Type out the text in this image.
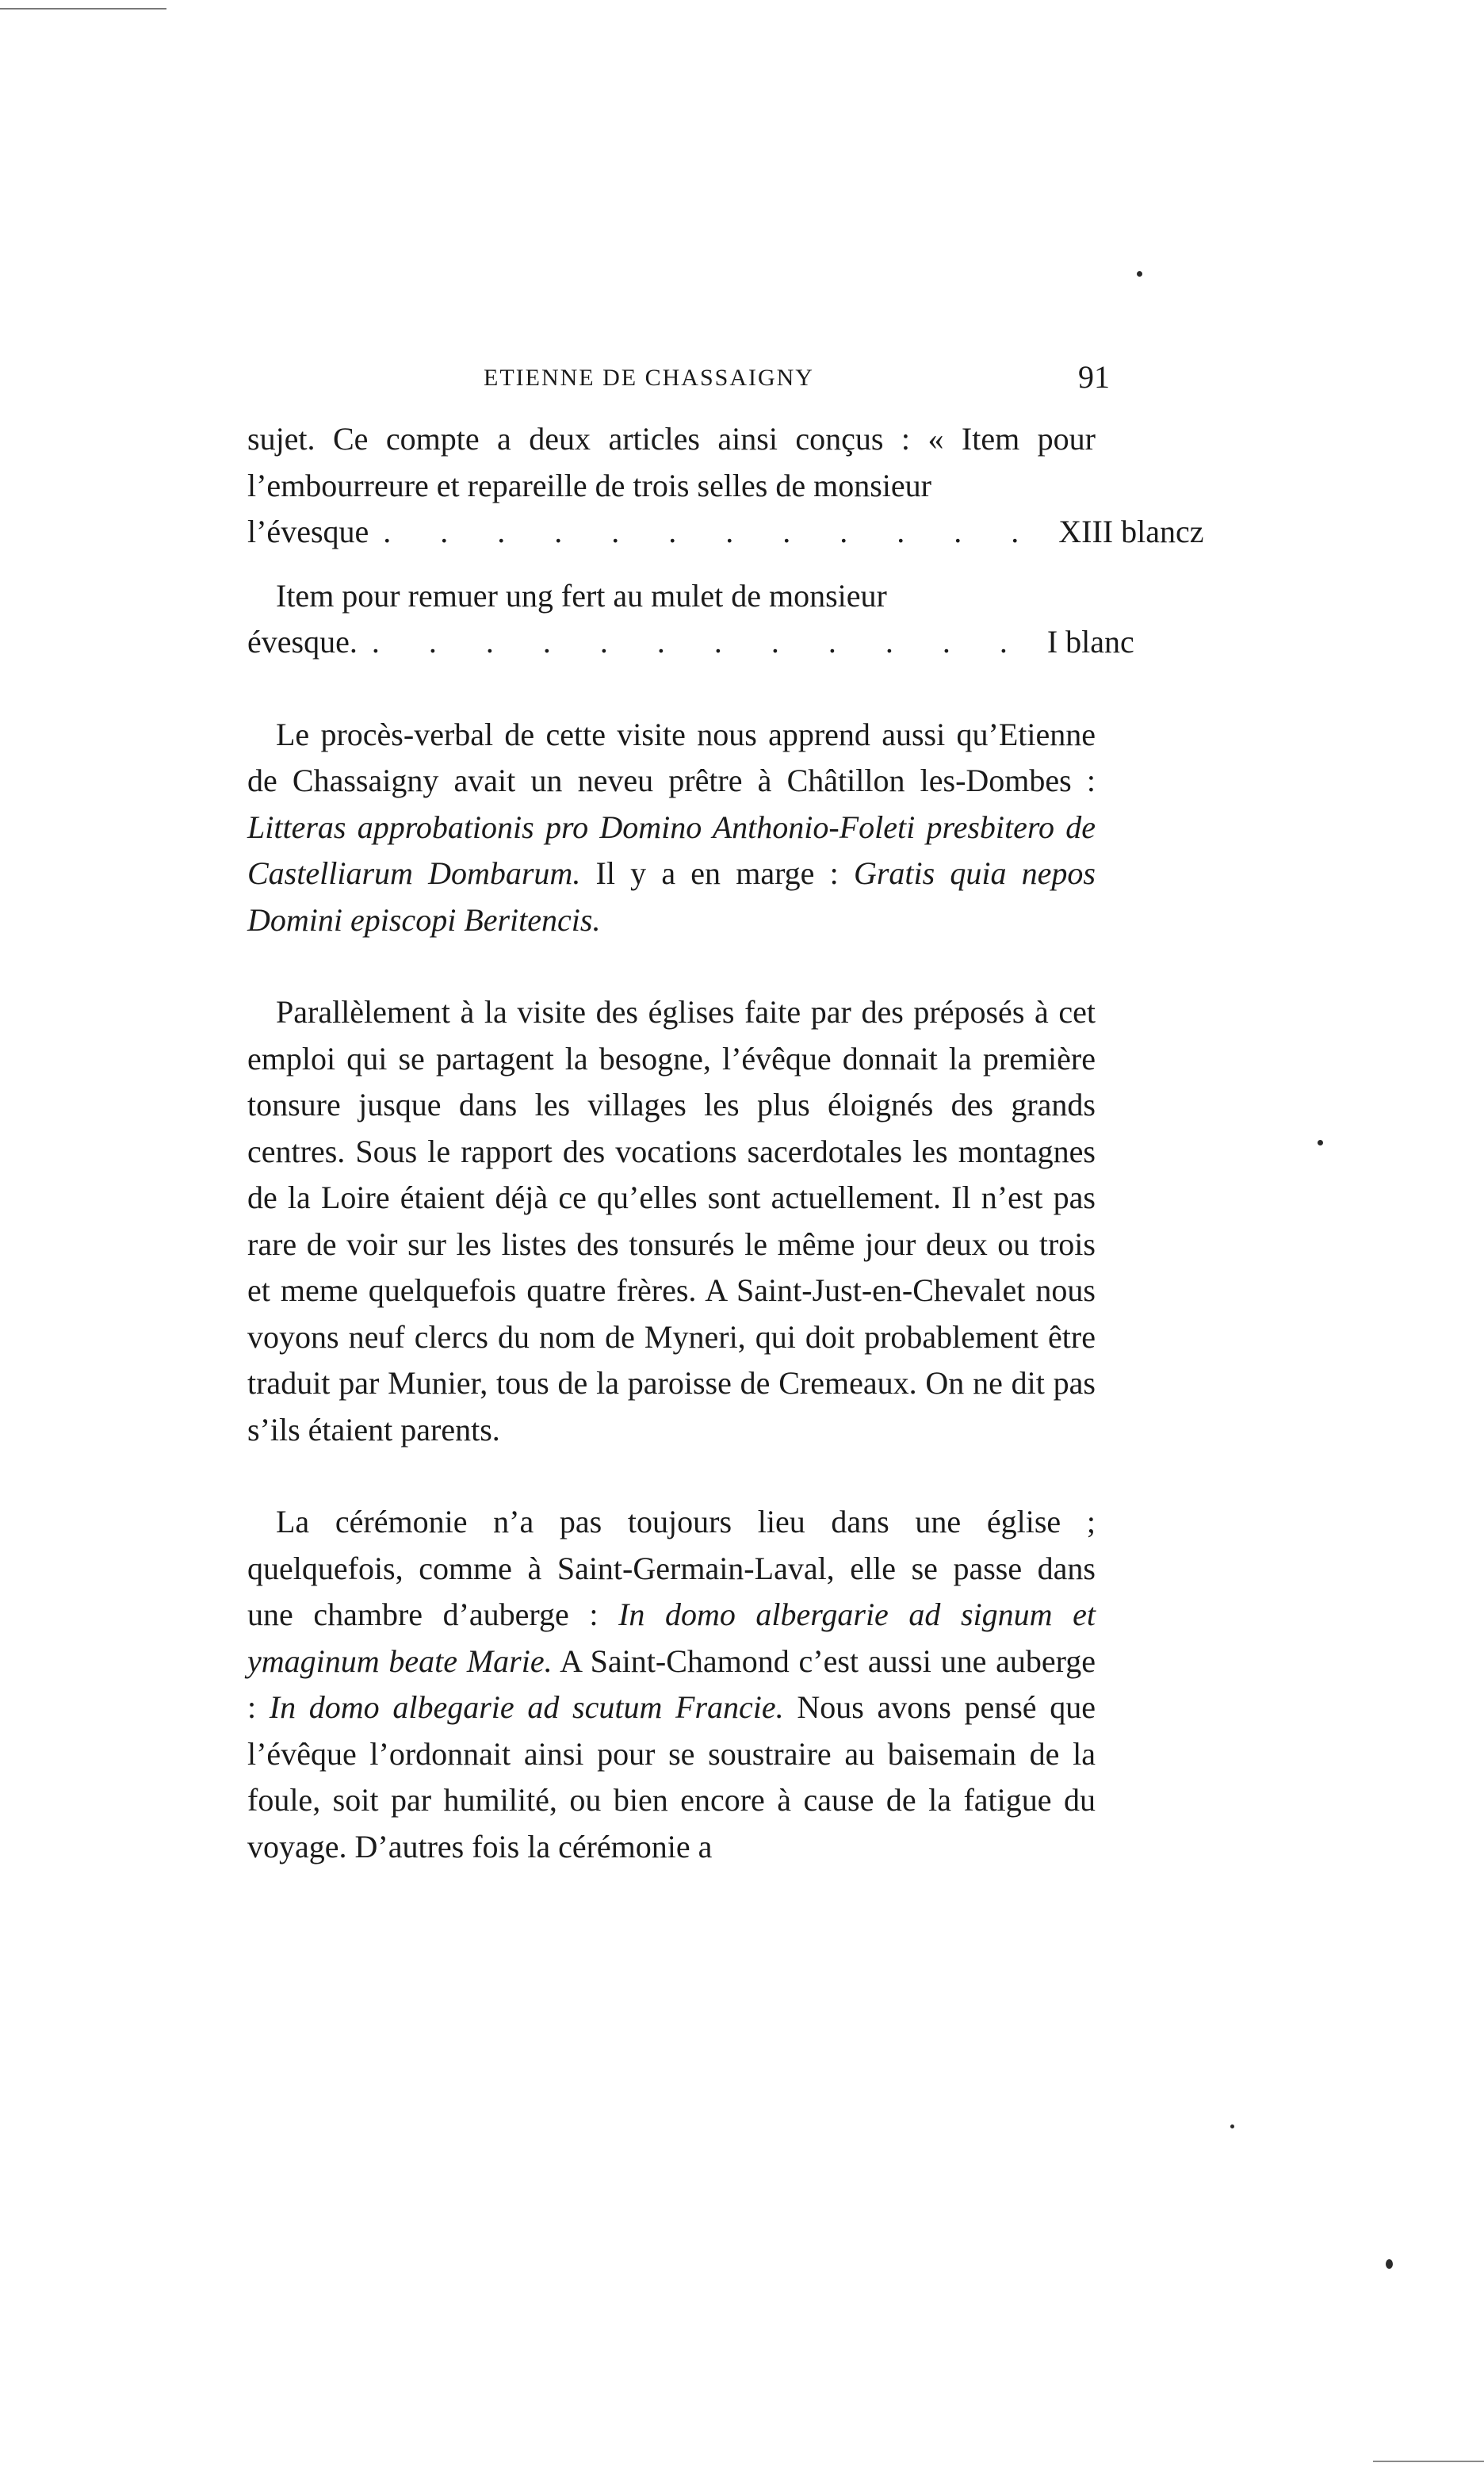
ETIENNE DE CHASSAIGNY	91

sujet. Ce compte a deux articles ainsi conçus : « Item pour l’embourreure et repareille de trois selles de monsieur

l’évesque . . . . . . . . . . . . XIII blancz

Item pour remuer ung fert au mulet de monsieur

évesque. . . . . . . . . . . . . I blanc

Le procès-verbal de cette visite nous apprend aussi qu’Etienne de Chassaigny avait un neveu prêtre à Châtillon les-Dombes : Litteras approbationis pro Domino Anthonio-Foleti presbitero de Castelliarum Dombarum. Il y a en marge : Gratis quia nepos Domini episcopi Beritencis.

Parallèlement à la visite des églises faite par des préposés à cet emploi qui se partagent la besogne, l’évêque donnait la première tonsure jusque dans les villages les plus éloignés des grands centres. Sous le rapport des vocations sacerdotales les montagnes de la Loire étaient déjà ce qu’elles sont actuellement. Il n’est pas rare de voir sur les listes des tonsurés le même jour deux ou trois et meme quelquefois quatre frères. A Saint-Just-en-Chevalet nous voyons neuf clercs du nom de Myneri, qui doit probablement être traduit par Munier, tous de la paroisse de Cremeaux. On ne dit pas s’ils étaient parents.

La cérémonie n’a pas toujours lieu dans une église ; quelquefois, comme à Saint-Germain-Laval, elle se passe dans une chambre d’auberge : In domo albergarie ad signum et ymaginum beate Marie. A Saint-Chamond c’est aussi une auberge : In domo albegarie ad scutum Francie. Nous avons pensé que l’évêque l’ordonnait ainsi pour se soustraire au baisemain de la foule, soit par humilité, ou bien encore à cause de la fatigue du voyage. D’autres fois la cérémonie a
